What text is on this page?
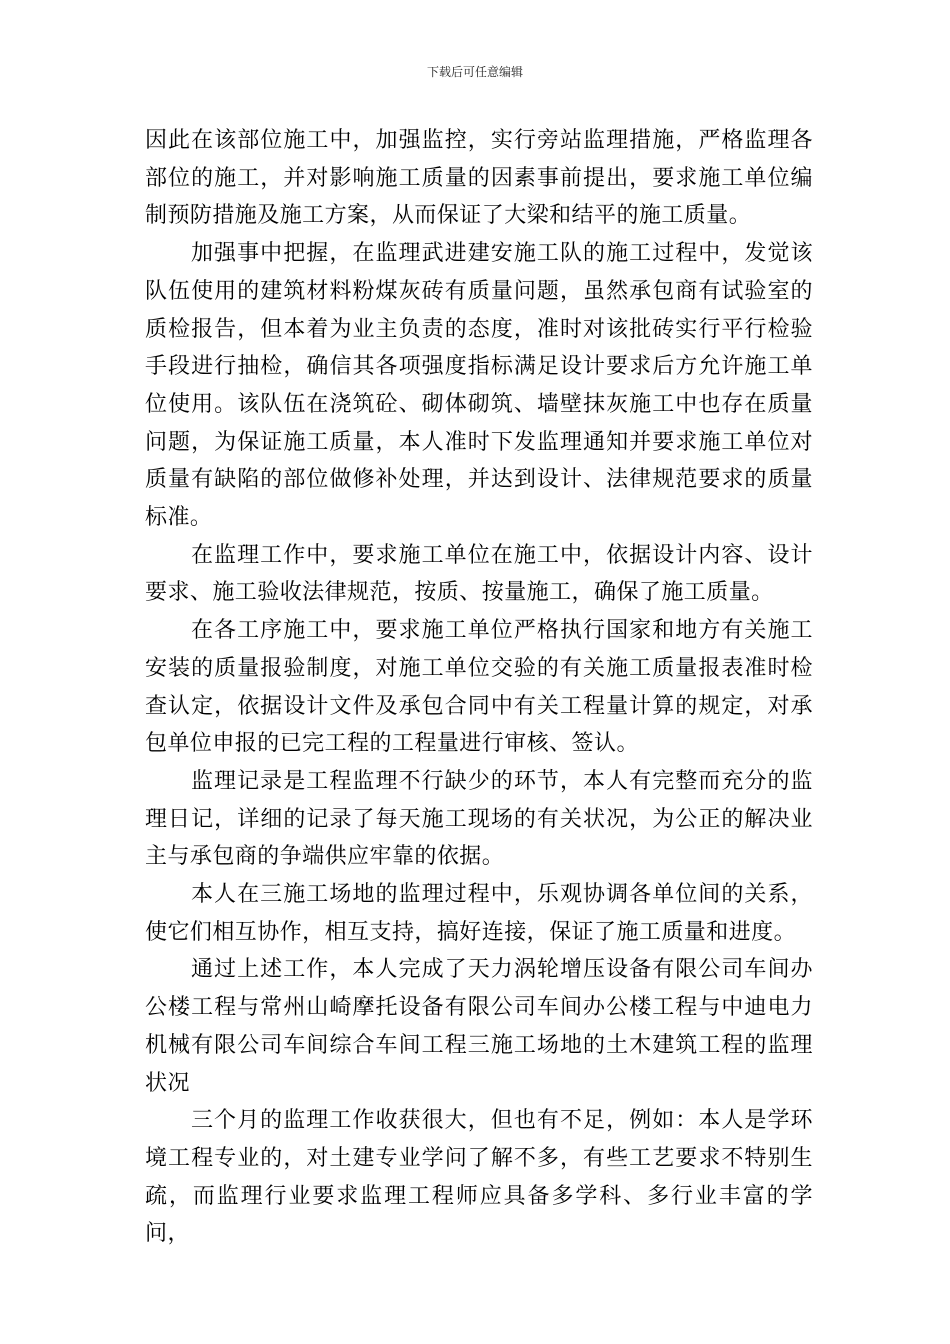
下载后可任意编辑

因此在该部位施工中，加强监控，实行旁站监理措施，严格监理各部位的施工，并对影响施工质量的因素事前提出，要求施工单位编制预防措施及施工方案，从而保证了大梁和结平的施工质量。

加强事中把握，在监理武进建安施工队的施工过程中，发觉该队伍使用的建筑材料粉煤灰砖有质量问题，虽然承包商有试验室的质检报告，但本着为业主负责的态度，准时对该批砖实行平行检验手段进行抽检，确信其各项强度指标满足设计要求后方允许施工单位使用。该队伍在浇筑砼、砌体砌筑、墙壁抹灰施工中也存在质量问题，为保证施工质量，本人准时下发监理通知并要求施工单位对质量有缺陷的部位做修补处理，并达到设计、法律规范要求的质量标准。

在监理工作中，要求施工单位在施工中，依据设计内容、设计要求、施工验收法律规范，按质、按量施工，确保了施工质量。

在各工序施工中，要求施工单位严格执行国家和地方有关施工安装的质量报验制度，对施工单位交验的有关施工质量报表准时检查认定，依据设计文件及承包合同中有关工程量计算的规定，对承包单位申报的已完工程的工程量进行审核、签认。

监理记录是工程监理不行缺少的环节，本人有完整而充分的监理日记，详细的记录了每天施工现场的有关状况，为公正的解决业主与承包商的争端供应牢靠的依据。

本人在三施工场地的监理过程中，乐观协调各单位间的关系，使它们相互协作，相互支持，搞好连接，保证了施工质量和进度。

通过上述工作，本人完成了天力涡轮增压设备有限公司车间办公楼工程与常州山崎摩托设备有限公司车间办公楼工程与中迪电力机械有限公司车间综合车间工程三施工场地的土木建筑工程的监理状况

三个月的监理工作收获很大，但也有不足，例如：本人是学环境工程专业的，对土建专业学问了解不多，有些工艺要求不特别生疏，而监理行业要求监理工程师应具备多学科、多行业丰富的学问，
